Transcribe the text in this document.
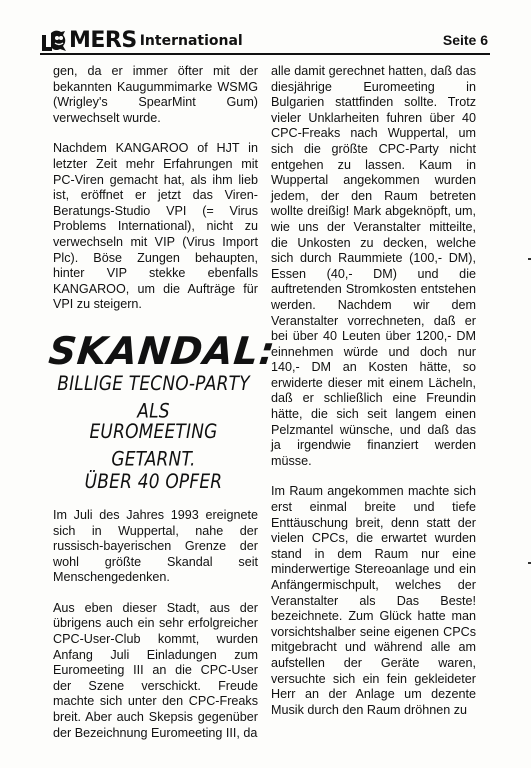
MERS International	Seite 6

gen, da er immer öfter mit der bekannten Kaugummimarke WSMG (Wrigley's SpearMint Gum) verwechselt wurde.

Nachdem KANGAROO of HJT in letzter Zeit mehr Erfahrungen mit PC-Viren gemacht hat, als ihm lieb ist, eröffnet er jetzt das Viren-Beratungs-Studio VPI (= Virus Problems International), nicht zu verwechseln mit VIP (Virus Import Plc). Böse Zungen behaupten, hinter VIP stekke ebenfalls KANGAROO, um die Aufträge für VPI zu steigern.

SKANDAL:
BILLIGE TECNO-PARTY ALS
EUROMEETING GETARNT.
ÜBER 40 OPFER

Im Juli des Jahres 1993 ereignete sich in Wuppertal, nahe der russisch-bayerischen Grenze der wohl größte Skandal seit Menschengedenken.

Aus eben dieser Stadt, aus der übrigens auch ein sehr erfolgreicher CPC-User-Club kommt, wurden Anfang Juli Einladungen zum Euromeeting III an die CPC-User der Szene verschickt. Freude machte sich unter den CPC-Freaks breit. Aber auch Skepsis gegenüber der Bezeichnung Euromeeting III, da

alle damit gerechnet hatten, daß das diesjährige Euromeeting in Bulgarien stattfinden sollte. Trotz vieler Unklarheiten fuhren über 40 CPC-Freaks nach Wuppertal, um sich die größte CPC-Party nicht entgehen zu lassen. Kaum in Wuppertal angekommen wurden jedem, der den Raum betreten wollte dreißig! Mark abgeknöpft, um, wie uns der Veranstalter mitteilte, die Unkosten zu decken, welche sich durch Raummiete (100,- DM), Essen (40,- DM) und die auftretenden Stromkosten entstehen werden. Nachdem wir dem Veranstalter vorrechneten, daß er bei über 40 Leuten über 1200,- DM einnehmen würde und doch nur 140,- DM an Kosten hätte, so erwiderte dieser mit einem Lächeln, daß er schließlich eine Freundin hätte, die sich seit langem einen Pelzmantel wünsche, und daß das ja irgendwie finanziert werden müsse.

Im Raum angekommen machte sich erst einmal breite und tiefe Enttäuschung breit, denn statt der vielen CPCs, die erwartet wurden stand in dem Raum nur eine minderwertige Stereoanlage und ein Anfängermischpult, welches der Veranstalter als Das Beste! bezeichnete. Zum Glück hatte man vorsichtshalber seine eigenen CPCs mitgebracht und während alle am aufstellen der Geräte waren, versuchte sich ein fein gekleideter Herr an der Anlage um dezente Musik durch den Raum dröhnen zu
